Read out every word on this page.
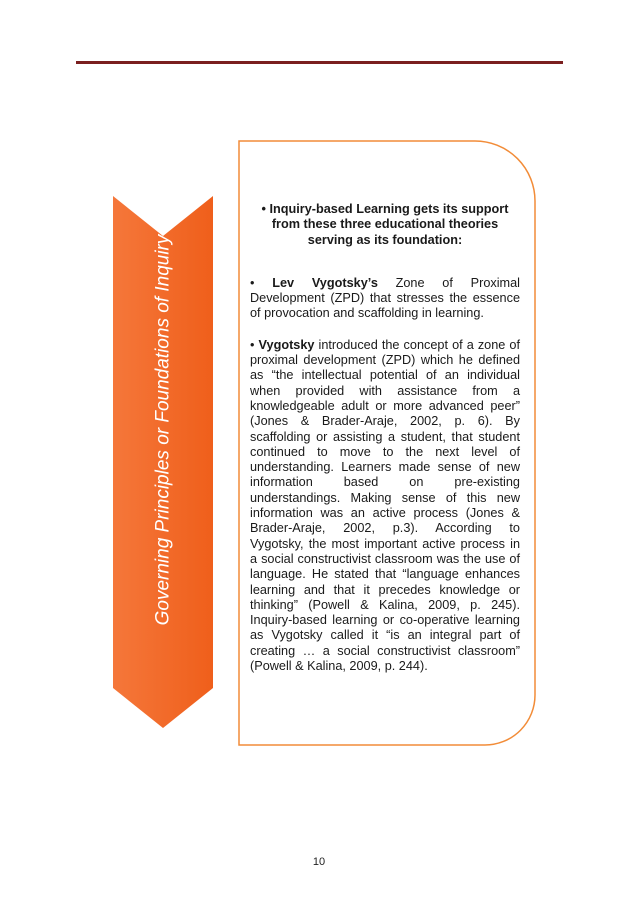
Governing Principles or Foundations of Inquiry
• Inquiry-based Learning gets its support from these three educational theories serving as its foundation:
• Lev Vygotsky’s Zone of Proximal Development (ZPD) that stresses the essence of provocation and scaffolding in learning.
• Vygotsky introduced the concept of a zone of proximal development (ZPD) which he defined as “the intellectual potential of an individual when provided with assistance from a knowledgeable adult or more advanced peer” (Jones & Brader-Araje, 2002, p. 6). By scaffolding or assisting a student, that student continued to move to the next level of understanding. Learners made sense of new information based on pre-existing understandings. Making sense of this new information was an active process (Jones & Brader-Araje, 2002, p.3). According to Vygotsky, the most important active process in a social constructivist classroom was the use of language. He stated that “language enhances learning and that it precedes knowledge or thinking” (Powell & Kalina, 2009, p. 245). Inquiry-based learning or co-operative learning as Vygotsky called it “is an integral part of creating … a social constructivist classroom” (Powell & Kalina, 2009, p. 244).
10
